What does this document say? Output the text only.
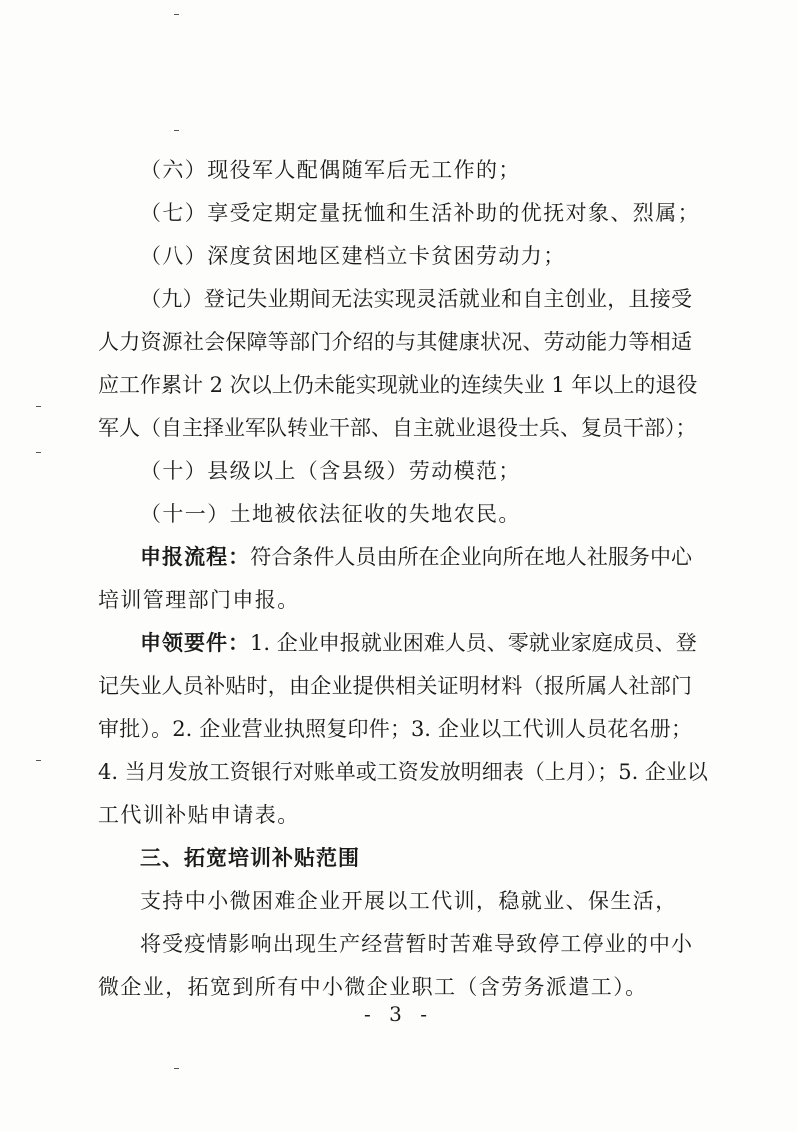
（六）现役军人配偶随军后无工作的；
（七）享受定期定量抚恤和生活补助的优抚对象、烈属；
（八）深度贫困地区建档立卡贫困劳动力；
（九）登记失业期间无法实现灵活就业和自主创业，且接受
人力资源社会保障等部门介绍的与其健康状况、劳动能力等相适
应工作累计 2 次以上仍未能实现就业的连续失业 1 年以上的退役
军人（自主择业军队转业干部、自主就业退役士兵、复员干部）；
（十）县级以上（含县级）劳动模范；
（十一）土地被依法征收的失地农民。
申报流程：符合条件人员由所在企业向所在地人社服务中心
培训管理部门申报。
申领要件：1. 企业申报就业困难人员、零就业家庭成员、登
记失业人员补贴时，由企业提供相关证明材料（报所属人社部门
审批）。2. 企业营业执照复印件；3. 企业以工代训人员花名册；
4. 当月发放工资银行对账单或工资发放明细表（上月）；5. 企业以
工代训补贴申请表。
三、拓宽培训补贴范围
支持中小微困难企业开展以工代训，稳就业、保生活，
将受疫情影响出现生产经营暂时苦难导致停工停业的中小
微企业，拓宽到所有中小微企业职工（含劳务派遣工）。
- 3 -
